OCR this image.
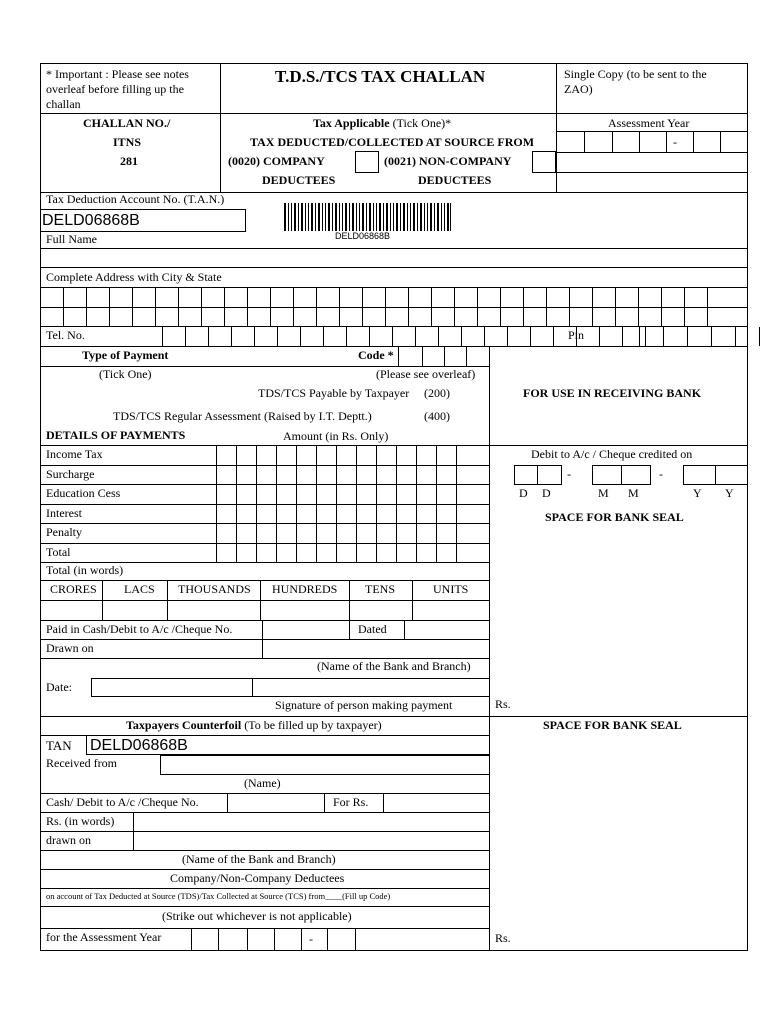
* Important : Please see notes
overleaf before filling up the
challan
T.D.S./TCS TAX CHALLAN	Single Copy (to be sent to the
ZAO)
CHALLAN NO./
ITNS
281
Tax Applicable (Tick One)*
TAX DEDUCTED/COLLECTED AT SOURCE FROM
(0020) COMPANY	(0021) NON-COMPANY
DEDUCTEES	DEDUCTEES
Assessment Year
-
Tax Deduction Account No. (T.A.N.)
DELD06868B
DELD06868B
Full Name
Complete Address with City & State
Tel. No.	Pin
Type of Payment	Code *
(Tick One)	(Please see overleaf)
TDS/TCS Payable by Taxpayer (200)
TDS/TCS Regular Assessment (Raised by I.T. Deptt.)	(400)
FOR USE IN RECEIVING BANK
DETAILS OF PAYMENTS	Amount (in Rs. Only)
Income Tax
Surcharge
Education Cess
Interest
Penalty
Total
Total (in words)
CRORES LACS THOUSANDS HUNDREDS TENS	UNITS
Debit to A/c / Cheque credited on
-	-
D D	M M	Y Y
SPACE FOR BANK SEAL
Rs.
Paid in Cash/Debit to A/c /Cheque No.	Dated
Drawn on
(Name of the Bank and Branch)
Date:
Signature of person making payment
Taxpayers Counterfoil (To be filled up by taxpayer)	SPACE FOR BANK SEAL
TAN DELD06868B
Received from
(Name)
Cash/ Debit to A/c /Cheque No.	For Rs.
Rs. (in words)
drawn on
(Name of the Bank and Branch)
Company/Non-Company Deductees
on account of Tax Deducted at Source (TDS)/Tax Collected at Source (TCS) from____(Fill up Code)
(Strike out whichever is not applicable)
for the Assessment Year	-	Rs.
